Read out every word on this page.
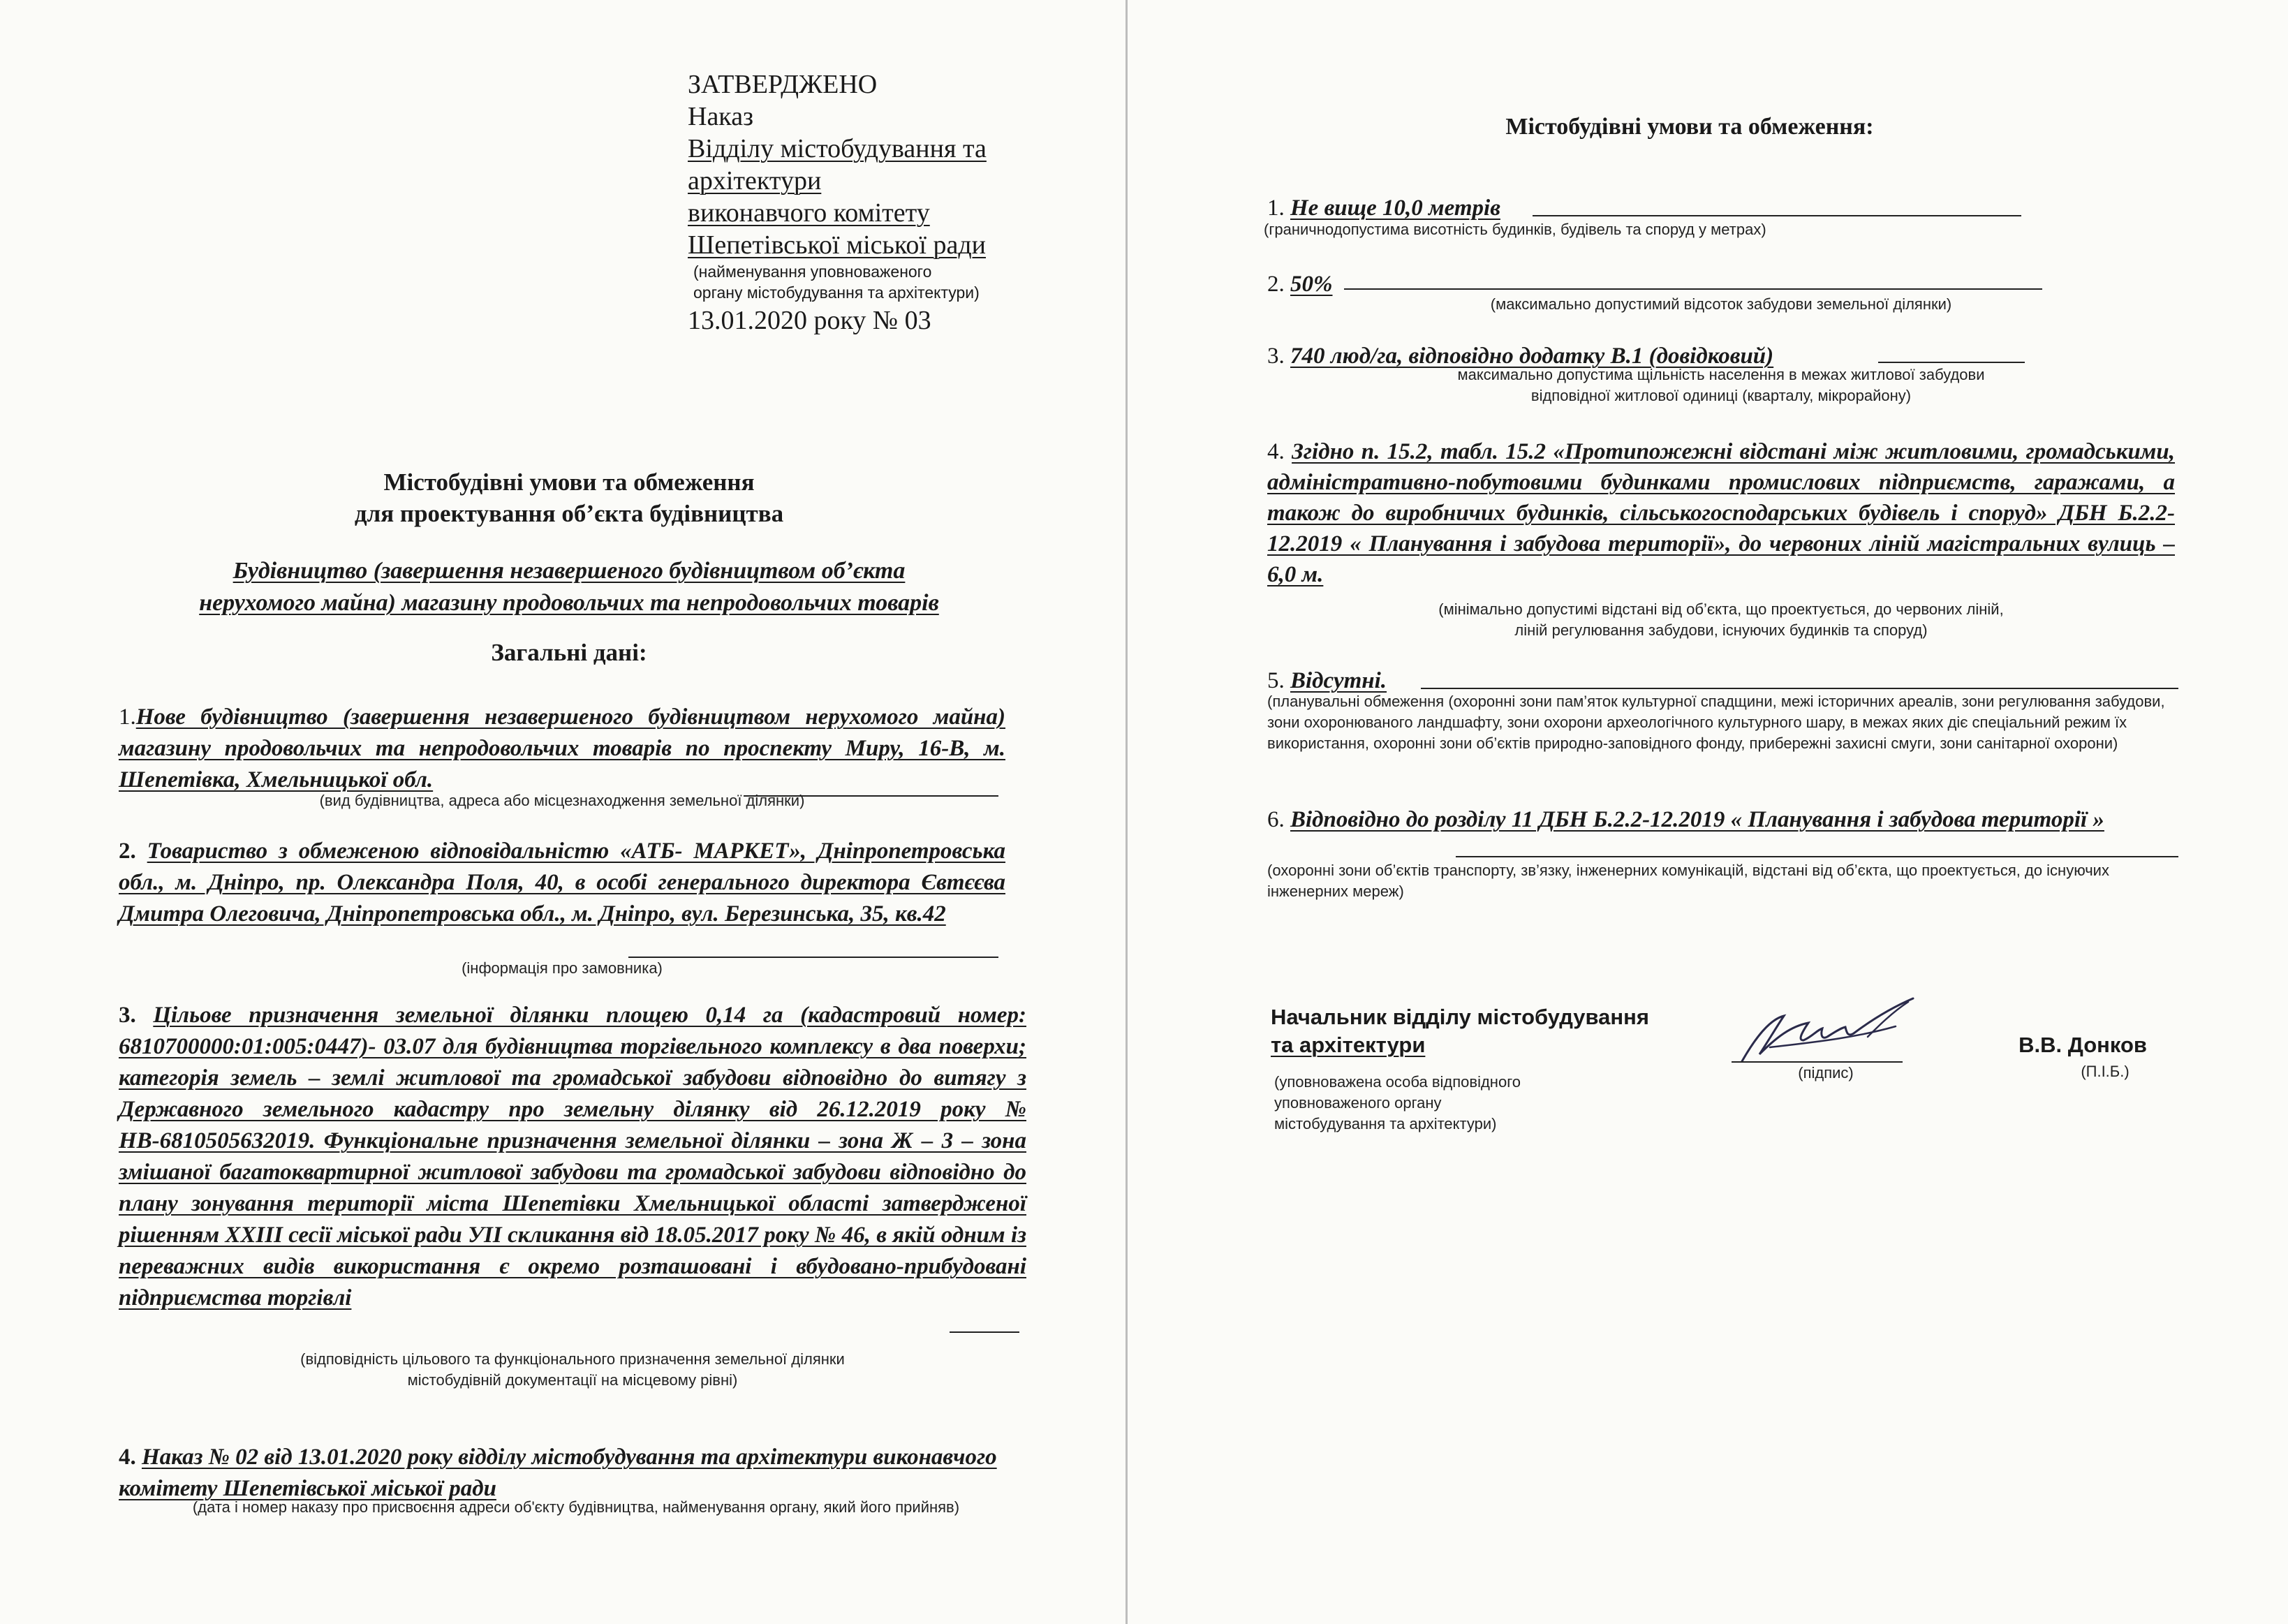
ЗАТВЕРДЖЕНО
Наказ
Відділу містобудування та
архітектури
виконавчого комітету
Шепетівської міської ради
(найменування уповноваженого
органу містобудування та архітектури)
13.01.2020 року № 03
Містобудівні умови та обмеження
для проектування об’єкта будівництва
Будівництво (завершення незавершеного будівництвом об’єкта
нерухомого майна) магазину продовольчих та непродовольчих товарів
Загальні дані:
1.Нове будівництво (завершення незавершеного будівництвом нерухомого майна) магазину продовольчих та непродовольчих товарів по проспекту Миру, 16-В, м. Шепетівка, Хмельницької обл.
(вид будівництва, адреса або місцезнаходження земельної ділянки)
2. Товариство з обмеженою відповідальністю «АТБ- МАРКЕТ», Дніпропетровська обл., м. Дніпро, пр. Олександра Поля, 40, в особі генерального директора Євтєєва Дмитра Олеговича, Дніпропетровська обл., м. Дніпро, вул. Березинська, 35, кв.42
(інформація про замовника)
3. Цільове призначення земельної ділянки площею 0,14 га (кадастровий номер: 6810700000:01:005:0447)- 03.07 для будівництва торгівельного комплексу в два поверхи; категорія земель – землі житлової та громадської забудови відповідно до витягу з Державного земельного кадастру про земельну ділянку від 26.12.2019 року № НВ-6810505632019. Функціональне призначення земельної ділянки – зона Ж – 3 – зона змішаної багатоквартирної житлової забудови та громадської забудови відповідно до плану зонування території міста Шепетівки Хмельницької області затвердженої рішенням ХХІІІ сесії міської ради УІІ скликання від 18.05.2017 року № 46, в якій одним із переважних видів використання є окремо розташовані і вбудовано-прибудовані підприємства торгівлі
(відповідність цільового та функціонального призначення земельної ділянки
містобудівній документації на місцевому рівні)
4. Наказ № 02 від 13.01.2020 року відділу містобудування та архітектури виконавчого комітету Шепетівської міської ради
(дата і номер наказу про присвоєння адреси об'єкту будівництва, найменування органу, який його прийняв)
Містобудівні умови та обмеження:
1. Не вище 10,0 метрів
(граничнодопустима висотність будинків, будівель та споруд у метрах)
2. 50%
(максимально допустимий відсоток забудови земельної ділянки)
3. 740 люд/га, відповідно додатку В.1 (довідковий)
максимально допустима щільність населення в межах житлової забудови
відповідної житлової одиниці (кварталу, мікрорайону)
4. Згідно п. 15.2, табл. 15.2 «Протипожежні відстані між житловими, громадськими, адміністративно-побутовими будинками промислових підприємств, гаражами, а також до виробничих будинків, сільськогосподарських будівель і споруд» ДБН Б.2.2-12.2019 « Планування і забудова території», до червоних ліній магістральних вулиць – 6,0 м.
(мінімально допустимі відстані від об’єкта, що проектується, до червоних ліній,
ліній регулювання забудови, існуючих будинків та споруд)
5. Відсутні.
(планувальні обмеження (охоронні зони пам’яток культурної спадщини, межі історичних ареалів, зони регулювання забудови, зони охоронюваного ландшафту, зони охорони археологічного культурного шару, в межах яких діє спеціальний режим їх використання, охоронні зони об’єктів природно-заповідного фонду, прибережні захисні смуги, зони санітарної охорони)
6. Відповідно до розділу 11 ДБН Б.2.2-12.2019 « Планування і забудова території »
(охоронні зони об’єктів транспорту, зв’язку, інженерних комунікацій, відстані від об’єкта, що проектується, до існуючих інженерних мереж)
Начальник відділу містобудування
та архітектури
(уповноважена особа відповідного
уповноваженого органу
містобудування та архітектури)
(підпис)
В.В. Донков
(П.І.Б.)
